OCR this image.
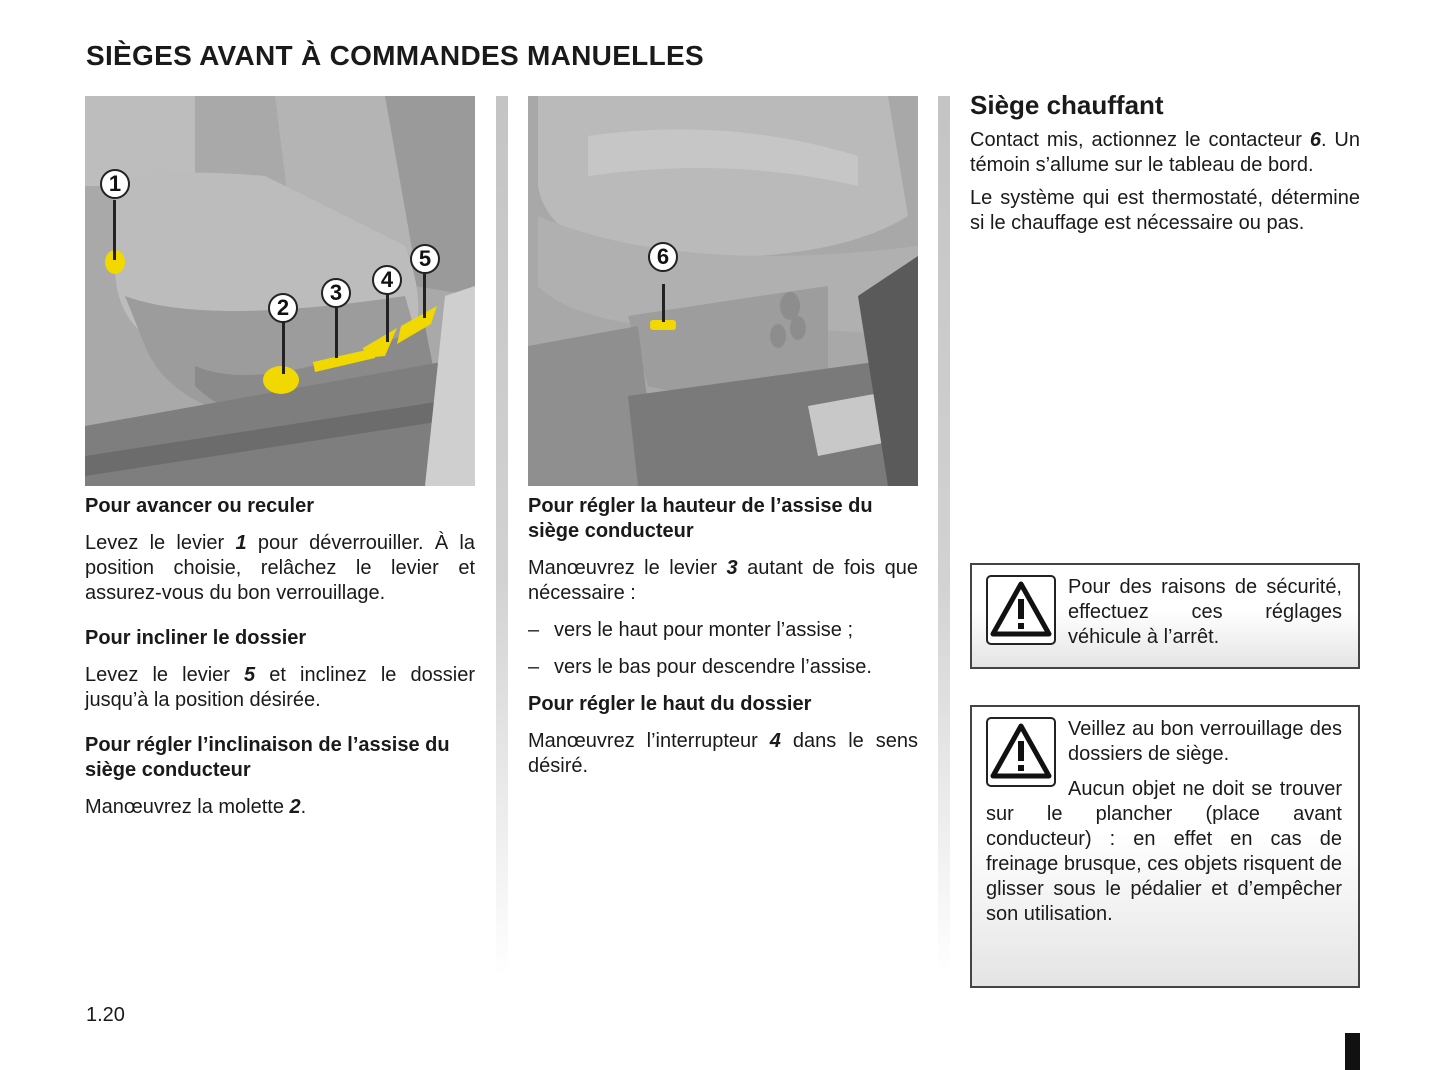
SIÈGES AVANT À COMMANDES MANUELLES
1
2
3
4
5
Pour avancer ou reculer

Levez le levier 1 pour déverrouiller. À la position choisie, relâchez le levier et assurez-vous du bon verrouillage.

Pour incliner le dossier

Levez le levier 5 et inclinez le dossier jusqu’à la position désirée.

Pour régler l’inclinaison de l’assise du siège conducteur

Manœuvrez la molette 2.

6
Pour régler la hauteur de l’assise du siège conducteur

Manœuvrez le levier 3 autant de fois que nécessaire :

– vers le haut pour monter l’assise ;
– vers le bas pour descendre l’assise.
Pour régler le haut du dossier

Manœuvrez l’interrupteur 4 dans le sens désiré.

Siège chauffant

Contact mis, actionnez le contacteur 6. Un témoin s’allume sur le tableau de bord.

Le système qui est thermostaté, détermine si le chauffage est nécessaire ou pas.

Pour des raisons de sécurité, effectuez ces réglages véhicule à l’arrêt.

Veillez au bon verrouillage des dossiers de siège.

Aucun objet ne doit se trouver sur le plancher (place avant conducteur) : en effet en cas de freinage brusque, ces objets risquent de glisser sous le pédalier et d’empêcher son utilisation.

1.20
